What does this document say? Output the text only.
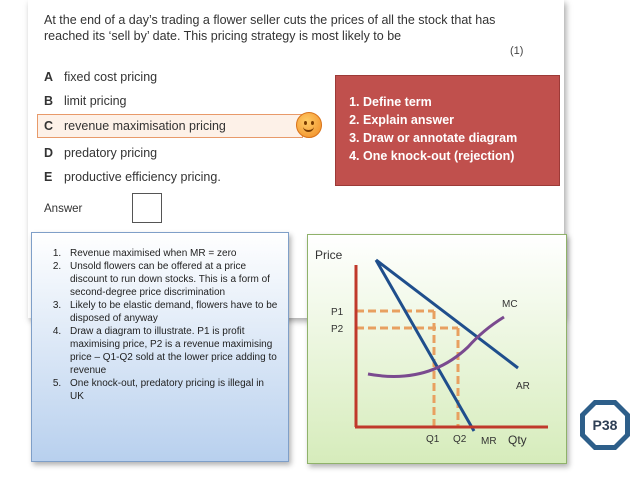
At the end of a day’s trading a flower seller cuts the prices of all the stock that has
reached its ‘sell by’ date. This pricing strategy is most likely to be
(1)
A fixed cost pricing
B limit pricing
C revenue maximisation pricing
D predatory pricing
E productive efficiency pricing.
Answer
1. Define term
2. Explain answer
3. Draw or annotate diagram
4. One knock-out (rejection)
1. Revenue maximised when MR = zero
2. Unsold flowers can be offered at a price discount to run down stocks. This is a form of second-degree price discrimination
3. Likely to be elastic demand, flowers have to be disposed of anyway
4. Draw a diagram to illustrate. P1 is profit maximising price, P2 is a revenue maximising price – Q1-Q2 sold at the lower price adding to revenue
5. One knock-out, predatory pricing is illegal in UK
Price
Qty
P1
P2
Q1 Q2
MC
AR
MR
P38
